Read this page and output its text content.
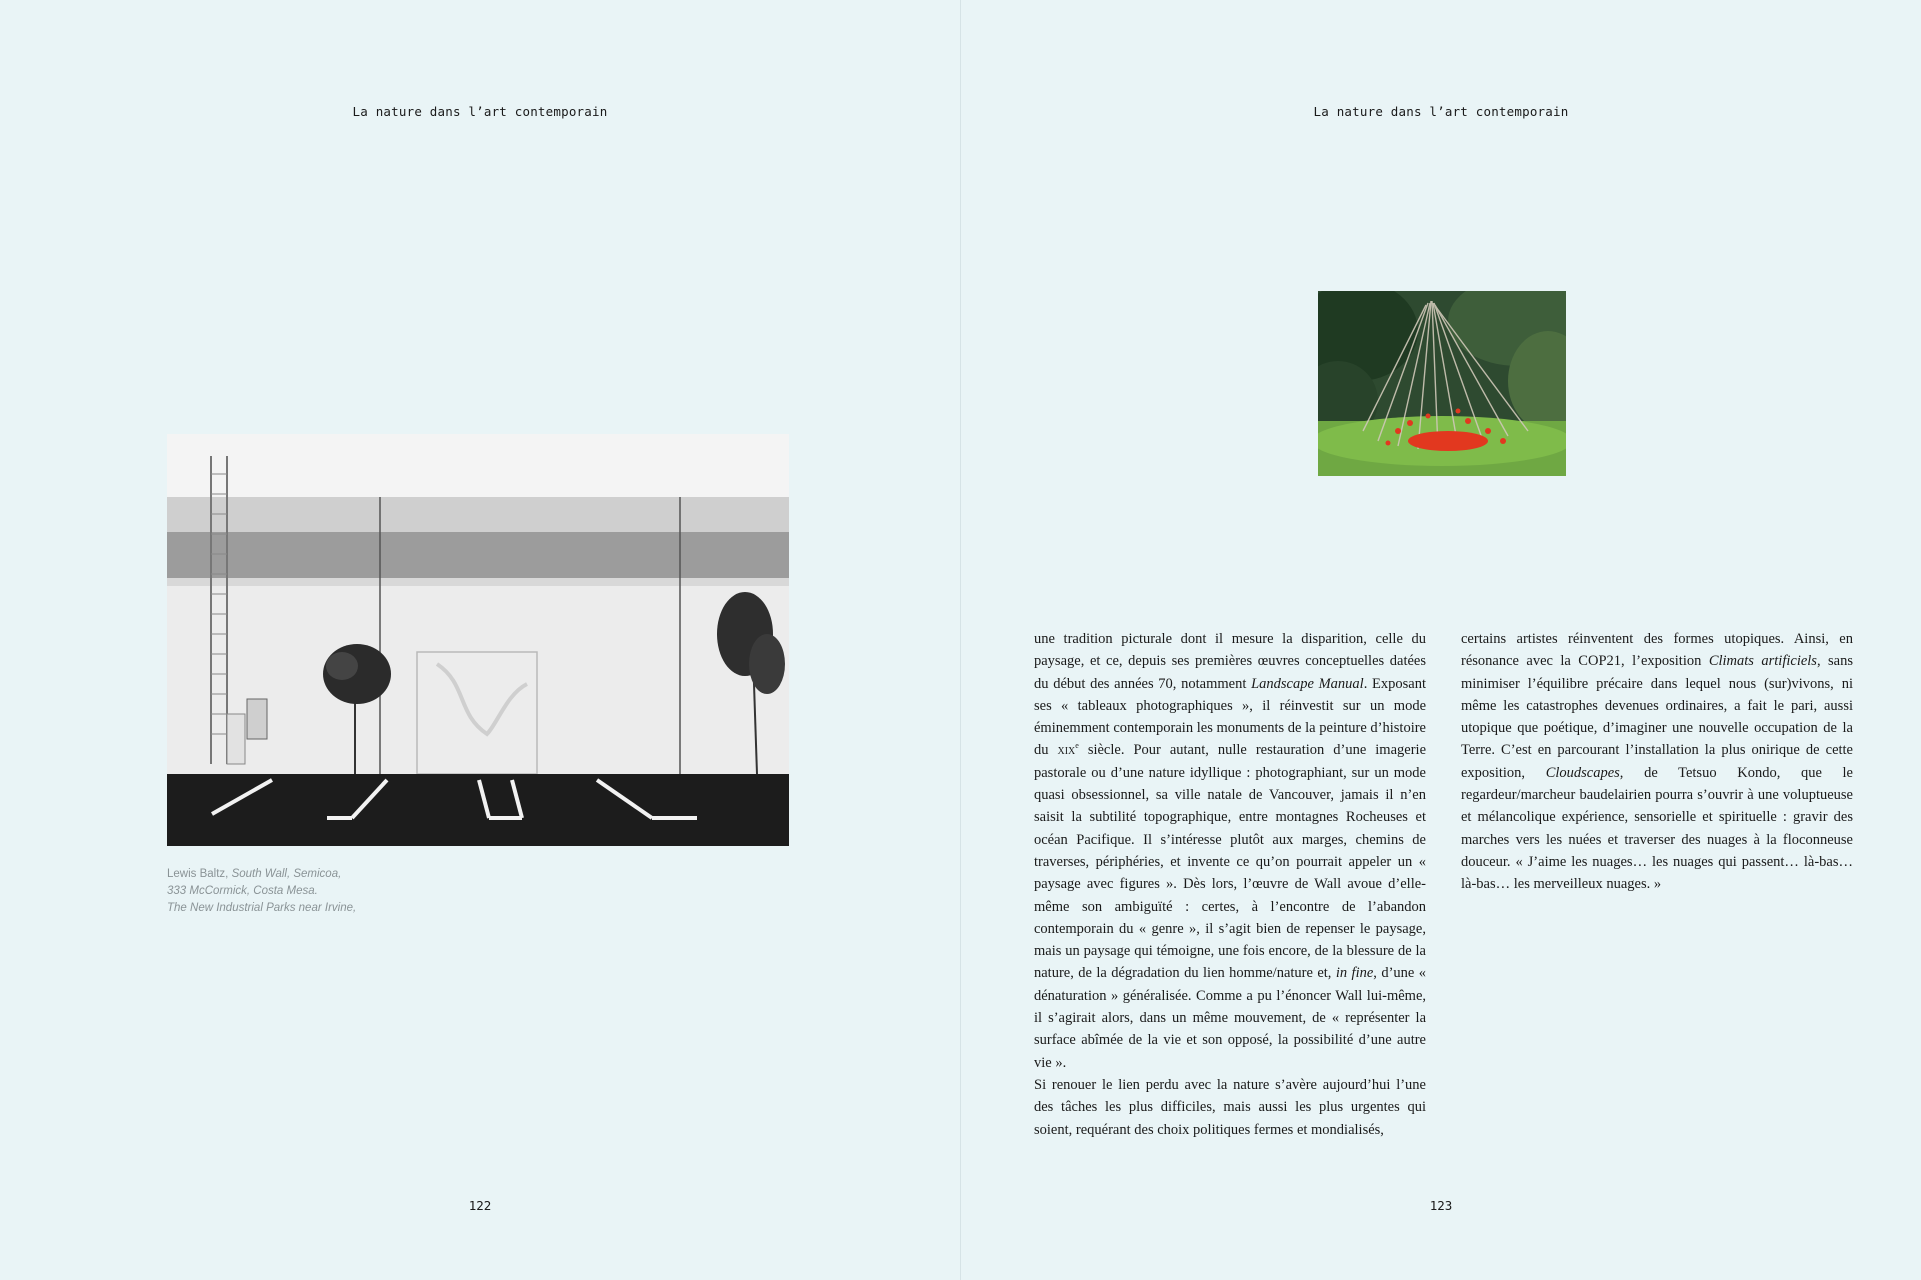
La nature dans l’art contemporain
Lewis Baltz, South Wall, Semicoa,
333 McCormick, Costa Mesa.
The New Industrial Parks near Irvine,
122
La nature dans l’art contemporain

une tradition picturale dont il mesure la disparition, celle du paysage, et ce, depuis ses premières œuvres conceptuelles datées du début des années 70, notamment Landscape Manual. Exposant ses « tableaux photographiques », il réinvestit sur un mode éminemment contemporain les monuments de la peinture d’histoire du xix$^e$ siècle. Pour autant, nulle restauration d’une imagerie pastorale ou d’une nature idyllique : photographiant, sur un mode quasi obsessionnel, sa ville natale de Vancouver, jamais il n’en saisit la subtilité topographique, entre montagnes Rocheuses et océan Pacifique. Il s’intéresse plutôt aux marges, chemins de traverses, périphéries, et invente ce qu’on pourrait appeler un « paysage avec figures ». Dès lors, l’œuvre de Wall avoue d’elle-même son ambiguïté : certes, à l’encontre de l’abandon contemporain du « genre », il s’agit bien de repenser le paysage, mais un paysage qui témoigne, une fois encore, de la blessure de la nature, de la dégradation du lien homme/nature et, in fine, d’une « dénaturation » généralisée. Comme a pu l’énoncer Wall lui-même, il s’agirait alors, dans un même mouvement, de « représenter la surface abîmée de la vie et son opposé, la possibilité d’une autre vie ».

Si renouer le lien perdu avec la nature s’avère aujourd’hui l’une des tâches les plus difficiles, mais aussi les plus urgentes qui soient, requérant des choix politiques fermes et mondialisés,

certains artistes réinventent des formes utopiques. Ainsi, en résonance avec la COP21, l’exposition Climats artificiels, sans minimiser l’équilibre précaire dans lequel nous (sur)vivons, ni même les catastrophes devenues ordinaires, a fait le pari, aussi utopique que poétique, d’imaginer une nouvelle occupation de la Terre. C’est en parcourant l’installation la plus onirique de cette exposition, Cloudscapes, de Tetsuo Kondo, que le regardeur/marcheur baudelairien pourra s’ouvrir à une voluptueuse et mélancolique expérience, sensorielle et spirituelle : gravir des marches vers les nuées et traverser des nuages à la floconneuse douceur. « J’aime les nuages… les nuages qui passent… là-bas… là-bas… les merveilleux nuages. »

123
